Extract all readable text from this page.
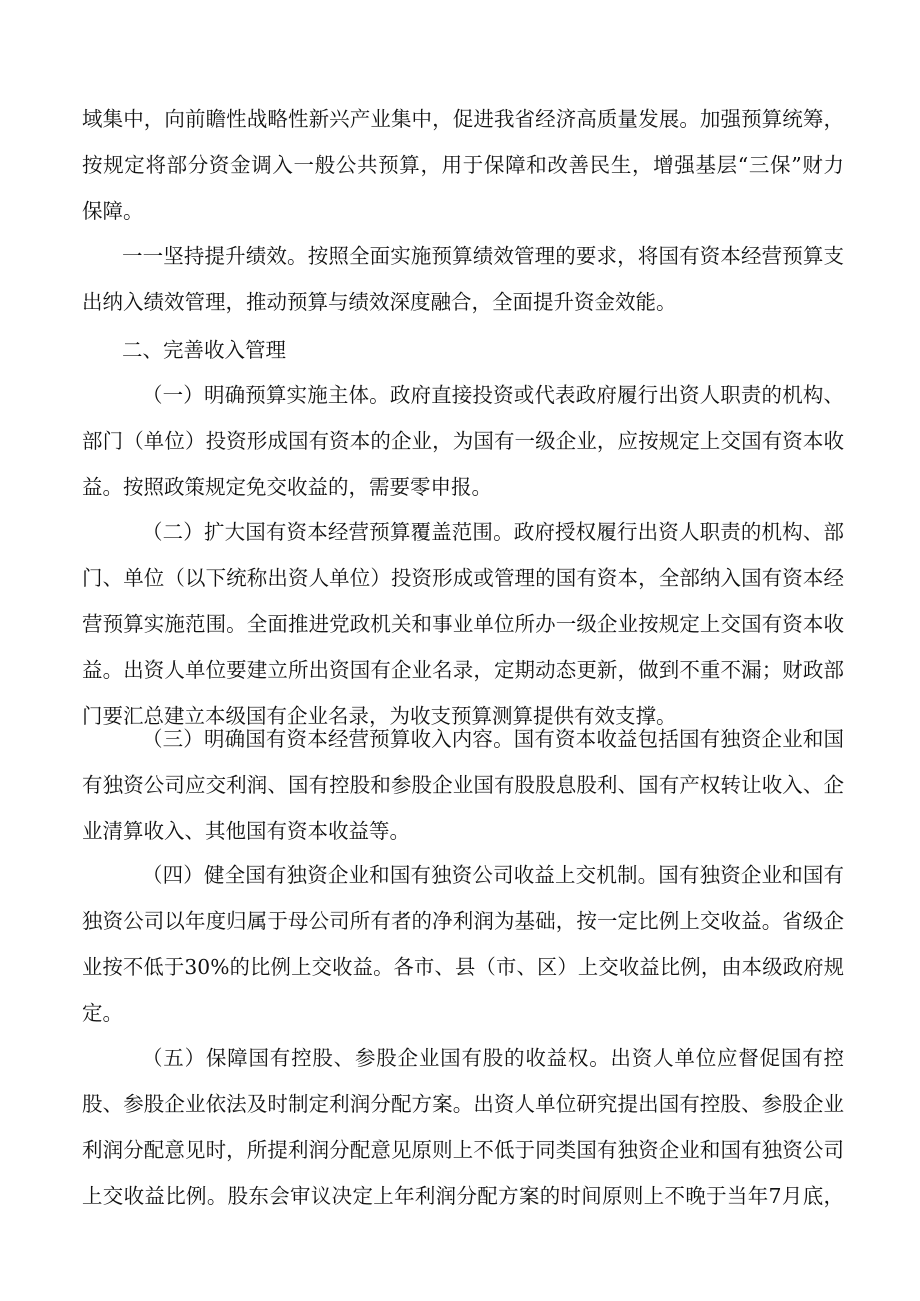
域集中，向前瞻性战略性新兴产业集中，促进我省经济高质量发展。加强预算统筹，
按规定将部分资金调入一般公共预算，用于保障和改善民生，增强基层“三保”财力
保障。
一一坚持提升绩效。按照全面实施预算绩效管理的要求，将国有资本经营预算支
出纳入绩效管理，推动预算与绩效深度融合，全面提升资金效能。
二、完善收入管理
（一）明确预算实施主体。政府直接投资或代表政府履行出资人职责的机构、
部门（单位）投资形成国有资本的企业，为国有一级企业，应按规定上交国有资本收
益。按照政策规定免交收益的，需要零申报。
（二）扩大国有资本经营预算覆盖范围。政府授权履行出资人职责的机构、部
门、单位（以下统称出资人单位）投资形成或管理的国有资本，全部纳入国有资本经
营预算实施范围。全面推进党政机关和事业单位所办一级企业按规定上交国有资本收
益。出资人单位要建立所出资国有企业名录，定期动态更新，做到不重不漏；财政部
门要汇总建立本级国有企业名录，为收支预算测算提供有效支撑。
（三）明确国有资本经营预算收入内容。国有资本收益包括国有独资企业和国
有独资公司应交利润、国有控股和参股企业国有股股息股利、国有产权转让收入、企
业清算收入、其他国有资本收益等。
（四）健全国有独资企业和国有独资公司收益上交机制。国有独资企业和国有
独资公司以年度归属于母公司所有者的净利润为基础，按一定比例上交收益。省级企
业按不低于30%的比例上交收益。各市、县（市、区）上交收益比例，由本级政府规
定。
（五）保障国有控股、参股企业国有股的收益权。出资人单位应督促国有控
股、参股企业依法及时制定利润分配方案。出资人单位研究提出国有控股、参股企业
利润分配意见时，所提利润分配意见原则上不低于同类国有独资企业和国有独资公司
上交收益比例。股东会审议决定上年利润分配方案的时间原则上不晚于当年7月底，
